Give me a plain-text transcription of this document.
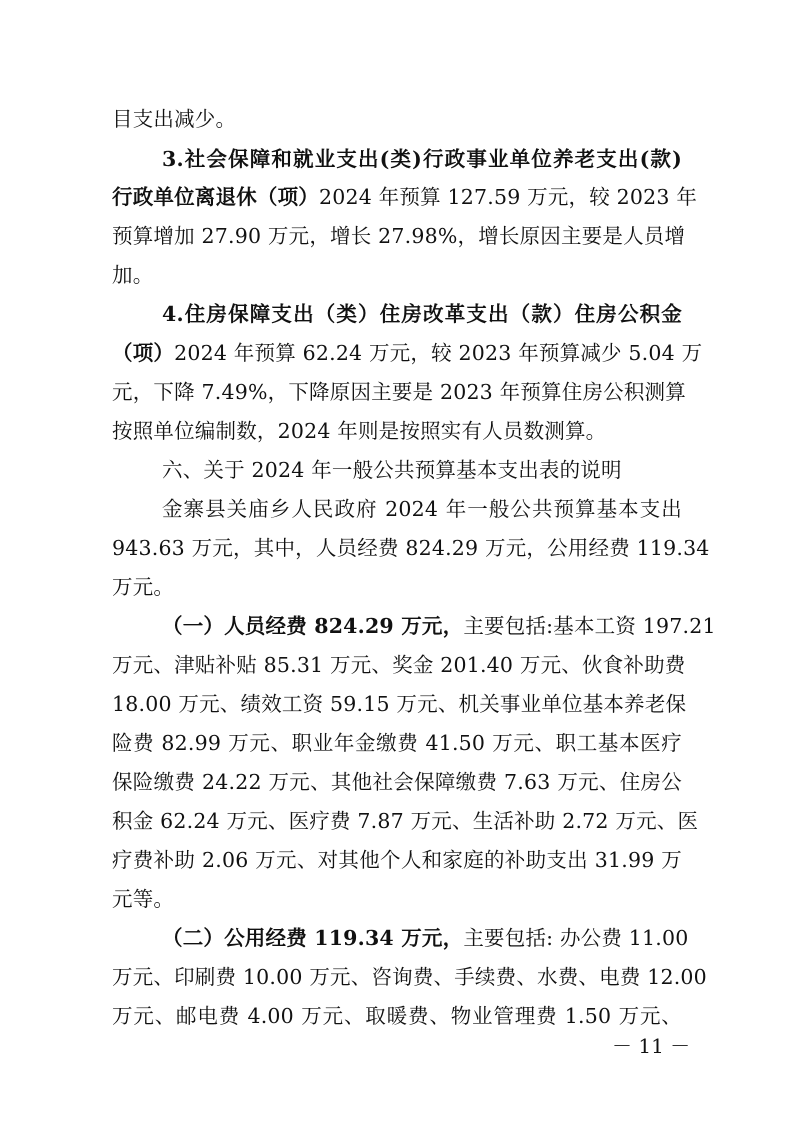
目支出减少。
3.社会保障和就业支出(类)行政事业单位养老支出(款)
行政单位离退休（项）2024 年预算 127.59 万元，较 2023 年
预算增加 27.90 万元，增长 27.98%，增长原因主要是人员增
加。
4.住房保障支出（类）住房改革支出（款）住房公积金
（项）2024 年预算 62.24 万元，较 2023 年预算减少 5.04 万
元，下降 7.49%，下降原因主要是 2023 年预算住房公积测算
按照单位编制数，2024 年则是按照实有人员数测算。
六、关于 2024 年一般公共预算基本支出表的说明
金寨县关庙乡人民政府 2024 年一般公共预算基本支出
943.63 万元，其中，人员经费 824.29 万元，公用经费 119.34
万元。
（一）人员经费 824.29 万元，主要包括:基本工资 197.21
万元、津贴补贴 85.31 万元、奖金 201.40 万元、伙食补助费
18.00 万元、绩效工资 59.15 万元、机关事业单位基本养老保
险费 82.99 万元、职业年金缴费 41.50 万元、职工基本医疗
保险缴费 24.22 万元、其他社会保障缴费 7.63 万元、住房公
积金 62.24 万元、医疗费 7.87 万元、生活补助 2.72 万元、医
疗费补助 2.06 万元、对其他个人和家庭的补助支出 31.99 万
元等。
（二）公用经费 119.34 万元，主要包括: 办公费 11.00
万元、印刷费 10.00 万元、咨询费、手续费、水费、电费 12.00
万元、邮电费 4.00 万元、取暖费、物业管理费 1.50 万元、
－ 11 －
